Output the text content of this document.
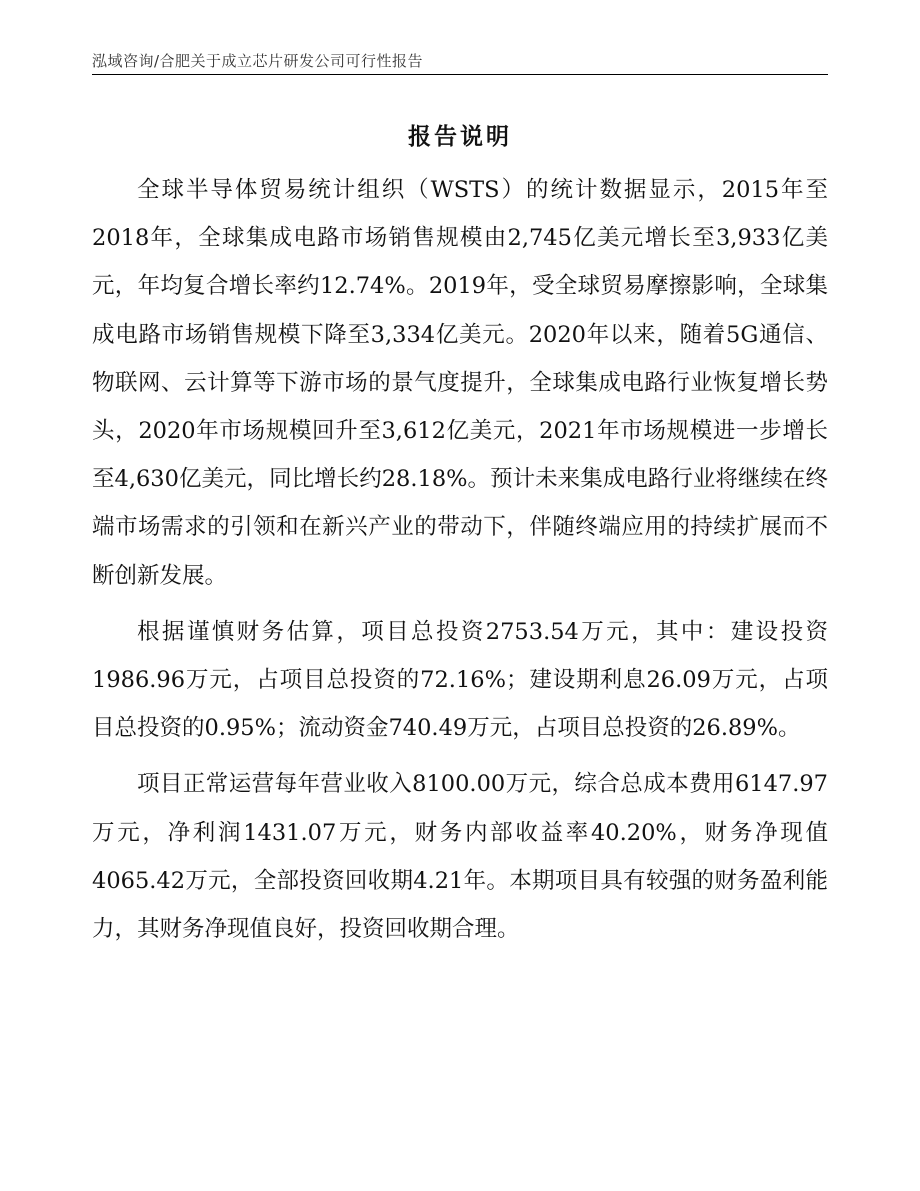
泓域咨询/合肥关于成立芯片研发公司可行性报告
报告说明

全球半导体贸易统计组织（WSTS）的统计数据显示，2015年至2018年，全球集成电路市场销售规模由2,745亿美元增长至3,933亿美元，年均复合增长率约12.74%。2019年，受全球贸易摩擦影响，全球集成电路市场销售规模下降至3,334亿美元。2020年以来，随着5G通信、物联网、云计算等下游市场的景气度提升，全球集成电路行业恢复增长势头，2020年市场规模回升至3,612亿美元，2021年市场规模进一步增长至4,630亿美元，同比增长约28.18%。预计未来集成电路行业将继续在终端市场需求的引领和在新兴产业的带动下，伴随终端应用的持续扩展而不断创新发展。

根据谨慎财务估算，项目总投资2753.54万元，其中：建设投资1986.96万元，占项目总投资的72.16%；建设期利息26.09万元，占项目总投资的0.95%；流动资金740.49万元，占项目总投资的26.89%。

项目正常运营每年营业收入8100.00万元，综合总成本费用6147.97万元，净利润1431.07万元，财务内部收益率40.20%，财务净现值4065.42万元，全部投资回收期4.21年。本期项目具有较强的财务盈利能力，其财务净现值良好，投资回收期合理。
